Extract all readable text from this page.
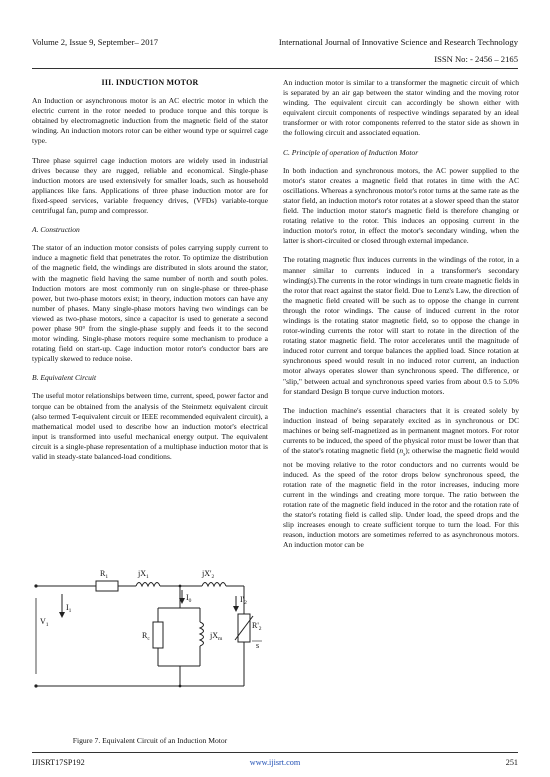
Volume 2, Issue 9, September– 2017	International Journal of Innovative Science and Research Technology
ISSN No: - 2456 – 2165
III. INDUCTION MOTOR

An Induction or asynchronous motor is an AC electric motor in which the electric current in the rotor needed to produce torque and this torque is obtained by electromagnetic induction from the magnetic field of the stator winding. An induction motors rotor can be either wound type or squirrel cage type.

Three phase squirrel cage induction motors are widely used in industrial drives because they are rugged, reliable and economical. Single-phase induction motors are used extensively for smaller loads, such as household appliances like fans. Applications of three phase induction motor are for fixed-speed services, variable frequency drives, (VFDs) variable-torque centrifugal fan, pump and compressor.

A. Construction

The stator of an induction motor consists of poles carrying supply current to induce a magnetic field that penetrates the rotor. To optimize the distribution of the magnetic field, the windings are distributed in slots around the stator, with the magnetic field having the same number of north and south poles. Induction motors are most commonly run on single-phase or three-phase power, but two-phase motors exist; in theory, induction motors can have any number of phases. Many single-phase motors having two windings can be viewed as two-phase motors, since a capacitor is used to generate a second power phase 90° from the single-phase supply and feeds it to the second motor winding. Single-phase motors require some mechanism to produce a rotating field on start-up. Cage induction motor rotor's conductor bars are typically skewed to reduce noise.

B. Equivalent Circuit

The useful motor relationships between time, current, speed, power factor and torque can be obtained from the analysis of the Steinmetz equivalent circuit (also termed T-equivalent circuit or IEEE recommended equivalent circuit), a mathematical model used to describe how an induction motor's electrical input is transformed into useful mechanical energy output. The equivalent circuit is a single-phase representation of a multiphase induction motor that is valid in steady-state balanced-load conditions.

$R_1$	$jX_1$	$jX'_2$
$I_1$
$I_0$	$I'_2$
$V_1$
$R_c$	$jX_m$
$R'_2$
s
Figure 7. Equivalent Circuit of an Induction Motor

An induction motor is similar to a transformer the magnetic circuit of which is separated by an air gap between the stator winding and the moving rotor winding. The equivalent circuit can accordingly be shown either with equivalent circuit components of respective windings separated by an ideal transformer or with rotor components referred to the stator side as shown in the following circuit and associated equation.

C. Principle of operation of Induction Motor

In both induction and synchronous motors, the AC power supplied to the motor's stator creates a magnetic field that rotates in time with the AC oscillations. Whereas a synchronous motor's rotor turns at the same rate as the stator field, an induction motor's rotor rotates at a slower speed than the stator field. The induction motor stator's magnetic field is therefore changing or rotating relative to the rotor. This induces an opposing current in the induction motor's rotor, in effect the motor's secondary winding, when the latter is short-circuited or closed through external impedance.

The rotating magnetic flux induces currents in the windings of the rotor, in a manner similar to currents induced in a transformer's secondary winding(s).The currents in the rotor windings in turn create magnetic fields in the rotor that react against the stator field. Due to Lenz's Law, the direction of the magnetic field created will be such as to oppose the change in current through the rotor windings. The cause of induced current in the rotor windings is the rotating stator magnetic field, so to oppose the change in rotor-winding currents the rotor will start to rotate in the direction of the rotating stator magnetic field. The rotor accelerates until the magnitude of induced rotor current and torque balances the applied load. Since rotation at synchronous speed would result in no induced rotor current, an induction motor always operates slower than synchronous speed. The difference, or "slip," between actual and synchronous speed varies from about 0.5 to 5.0% for standard Design B torque curve induction motors.

The induction machine's essential characters that it is created solely by induction instead of being separately excited as in synchronous or DC machines or being self-magnetized as in permanent magnet motors. For rotor currents to be induced, the speed of the physical rotor must be lower than that of the stator's rotating magnetic field $(n_s)$; otherwise the magnetic field would not be moving relative to the rotor conductors and no currents would be induced. As the speed of the rotor drops below synchronous speed, the rotation rate of the magnetic field in the rotor increases, inducing more current in the windings and creating more torque. The ratio between the rotation rate of the magnetic field induced in the rotor and the rotation rate of the stator's rotating field is called slip. Under load, the speed drops and the slip increases enough to create sufficient torque to turn the load. For this reason, induction motors are sometimes referred to as asynchronous motors. An induction motor can be

IJISRT17SP192	www.ijisrt.com	251
